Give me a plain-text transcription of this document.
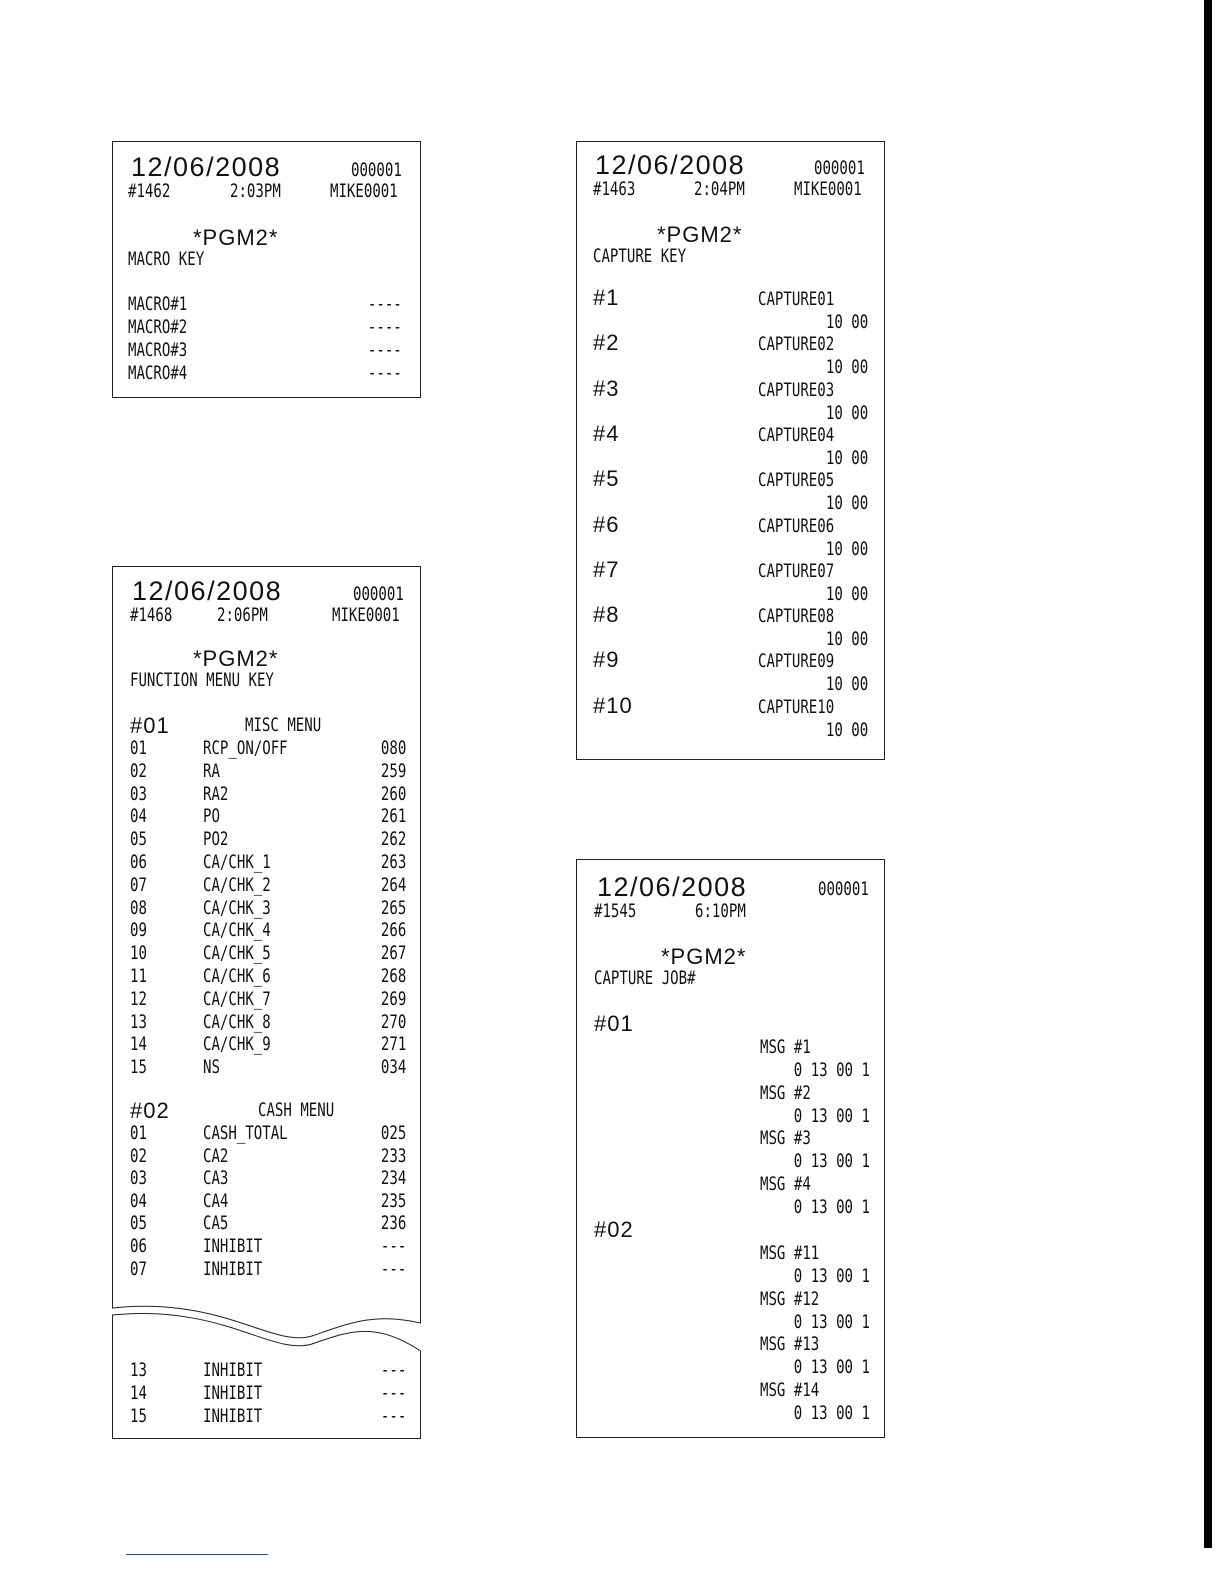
12/06/2008	000001
#1462	2:03PM	MIKE0001
*PGM2*
MACRO KEY
MACRO#1	----
MACRO#2	----
MACRO#3	----
MACRO#4	----
12/06/2008	000001
#1468 2:06PM	MIKE0001
*PGM2*
FUNCTION MENU KEY
#01	MISC MENU
01	RCP_ON/OFF	080
02	RA	259
03	RA2	260
04	PO	261
05	PO2	262
06	CA/CHK_1	263
07	CA/CHK_2	264
08	CA/CHK_3	265
09	CA/CHK_4	266
10	CA/CHK_5	267
11	CA/CHK_6	268
12	CA/CHK_7	269
13	CA/CHK_8	270
14	CA/CHK_9	271
15	NS	034
#02	CASH MENU
01	CASH_TOTAL	025
02	CA2	233
03	CA3	234
04	CA4	235
05	CA5	236
06	INHIBIT	---
07	INHIBIT	---
13	INHIBIT	---
14	INHIBIT	---
15	INHIBIT	---
12/06/2008	000001
#1463	2:04PM	MIKE0001
*PGM2*
CAPTURE KEY
#1	CAPTURE01
10 00
#2	CAPTURE02
10 00
#3	CAPTURE03
10 00
#4	CAPTURE04
10 00
#5	CAPTURE05
10 00
#6	CAPTURE06
10 00
#7	CAPTURE07
10 00
#8	CAPTURE08
10 00
#9	CAPTURE09
10 00
#10	CAPTURE10
10 00
12/06/2008	000001
#1545	6:10PM
*PGM2*
CAPTURE JOB#
#01
MSG #1
0 13 00 1
MSG #2
0 13 00 1
MSG #3
0 13 00 1
MSG #4
0 13 00 1
#02
MSG #11
0 13 00 1
MSG #12
0 13 00 1
MSG #13
0 13 00 1
MSG #14
0 13 00 1
